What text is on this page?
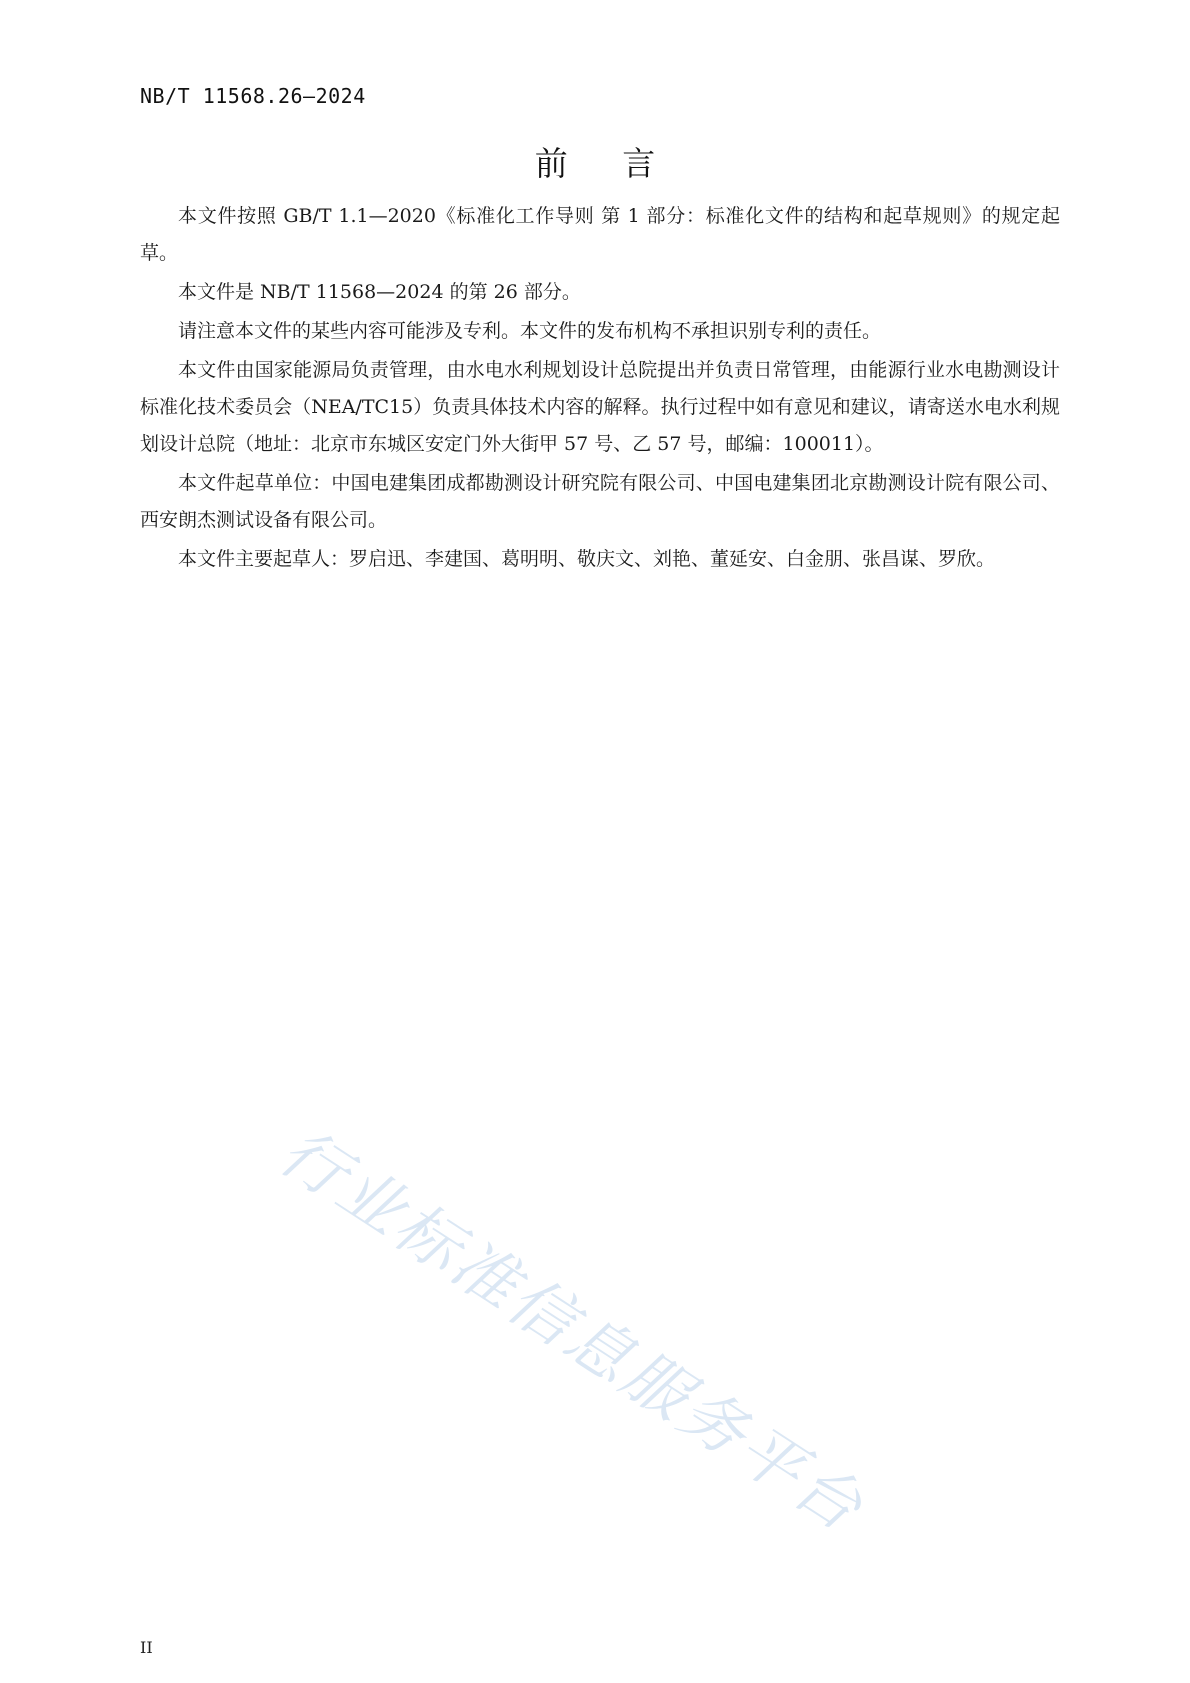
NB/T 11568.26—2024
前 言

本文件按照 GB/T 1.1—2020《标准化工作导则 第 1 部分：标准化文件的结构和起草规则》的规定起草。

本文件是 NB/T 11568—2024 的第 26 部分。

请注意本文件的某些内容可能涉及专利。本文件的发布机构不承担识别专利的责任。

本文件由国家能源局负责管理，由水电水利规划设计总院提出并负责日常管理，由能源行业水电勘测设计标准化技术委员会（NEA/TC15）负责具体技术内容的解释。执行过程中如有意见和建议，请寄送水电水利规划设计总院（地址：北京市东城区安定门外大街甲 57 号、乙 57 号，邮编：100011）。

本文件起草单位：中国电建集团成都勘测设计研究院有限公司、中国电建集团北京勘测设计院有限公司、西安朗杰测试设备有限公司。

本文件主要起草人：罗启迅、李建国、葛明明、敬庆文、刘艳、董延安、白金朋、张昌谋、罗欣。

行业标准信息服务平台
II
